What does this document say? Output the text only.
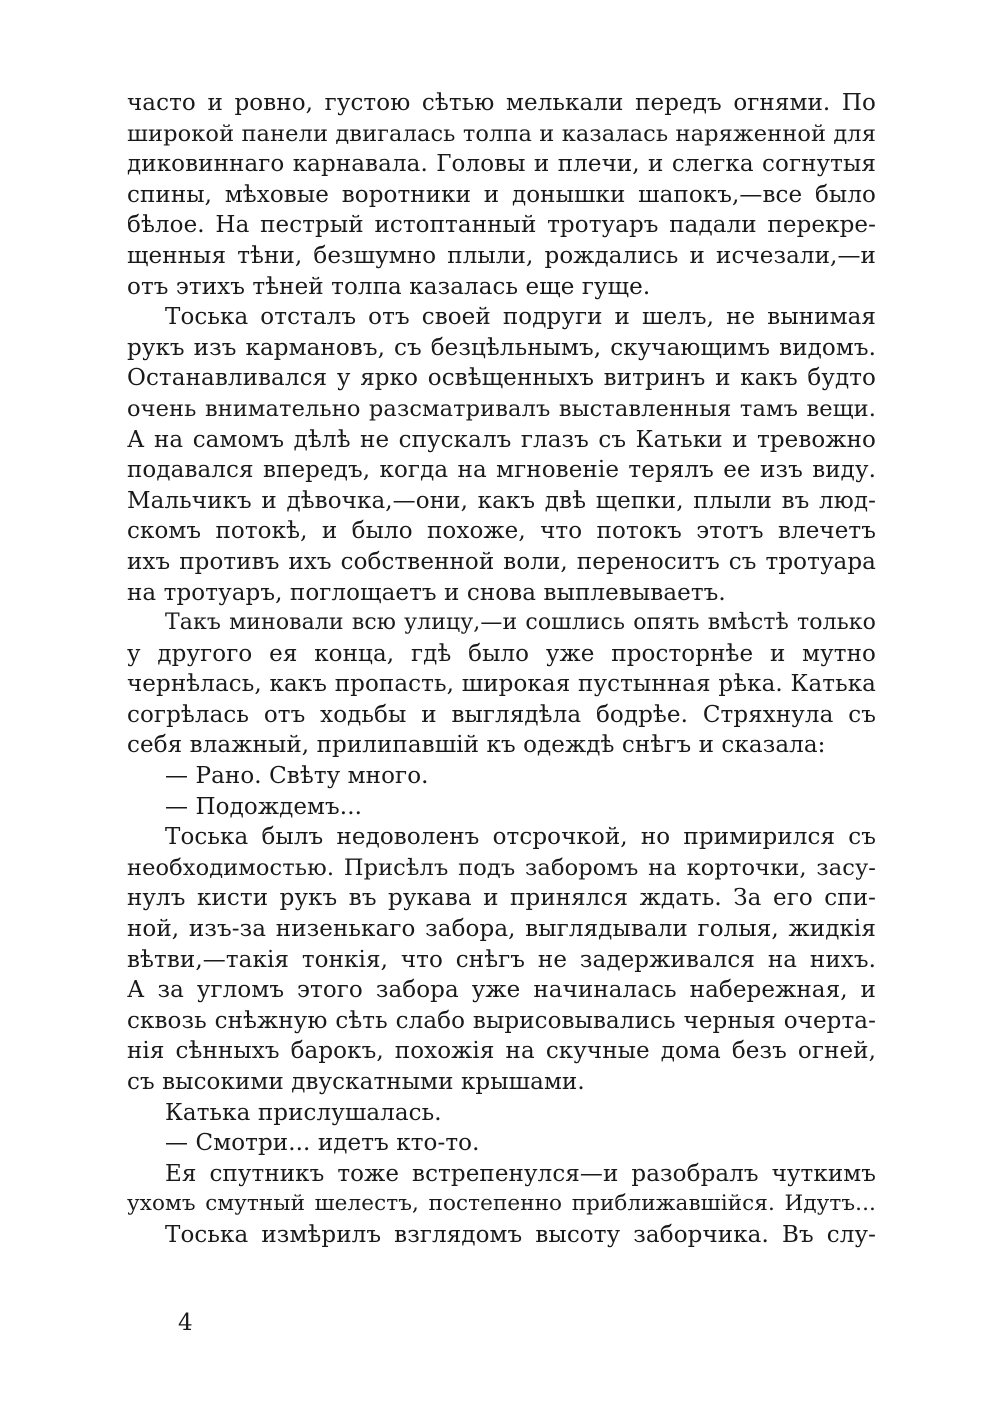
часто и ровно, густою сѣтью мелькали передъ огнями. По
широкой панели двигалась толпа и казалась наряженной для
диковиннаго карнавала. Головы и плечи, и слегка согнутыя
спины, мѣховые воротники и донышки шапокъ,—все было
бѣлое. На пестрый истоптанный тротуаръ падали перекре-
щенныя тѣни, безшумно плыли, рождались и исчезали,—и
отъ этихъ тѣней толпа казалась еще гуще.
Тоська отсталъ отъ своей подруги и шелъ, не вынимая
рукъ изъ кармановъ, съ безцѣльнымъ, скучающимъ видомъ.
Останавливался у ярко освѣщенныхъ витринъ и какъ будто
очень внимательно разсматривалъ выставленныя тамъ вещи.
А на самомъ дѣлѣ не спускалъ глазъ съ Катьки и тревожно
подавался впередъ, когда на мгновенie терялъ ее изъ виду.
Мальчикъ и дѣвочка,—они, какъ двѣ щепки, плыли въ люд-
скомъ потокѣ, и было похоже, что потокъ этотъ влечетъ
ихъ противъ ихъ собственной воли, переноситъ съ тротуара
на тротуаръ, поглощаетъ и снова выплевываетъ.
Такъ миновали всю улицу,—и сошлись опять вмѣстѣ только
у другого ея конца, гдѣ было уже просторнѣе и мутно
чернѣлась, какъ пропасть, широкая пустынная рѣка. Катька
согрѣлась отъ ходьбы и выглядѣла бодрѣе. Стряхнула съ
себя влажный, прилипавшій къ одеждѣ снѣгъ и сказала:
— Рано. Свѣту много.
— Подождемъ...
Тоська былъ недоволенъ отсрочкой, но примирился съ
необходимостью. Присѣлъ подъ заборомъ на корточки, засу-
нулъ кисти рукъ въ рукава и принялся ждать. За его спи-
ной, изъ-за низенькаго забора, выглядывали голыя, жидкія
вѣтви,—такія тонкія, что снѣгъ не задерживался на нихъ.
А за угломъ этого забора уже начиналась набережная, и
сквозь снѣжную сѣть слабо вырисовывались черныя очерта-
нія сѣнныхъ барокъ, похожія на скучные дома безъ огней,
съ высокими двускатными крышами.
Катька прислушалась.
— Смотри... идетъ кто-то.
Ея спутникъ тоже встрепенулся—и разобралъ чуткимъ
ухомъ смутный шелестъ, постепенно приближавшійся. Идутъ...
Тоська измѣрилъ взглядомъ высоту заборчика. Въ слу-
4
